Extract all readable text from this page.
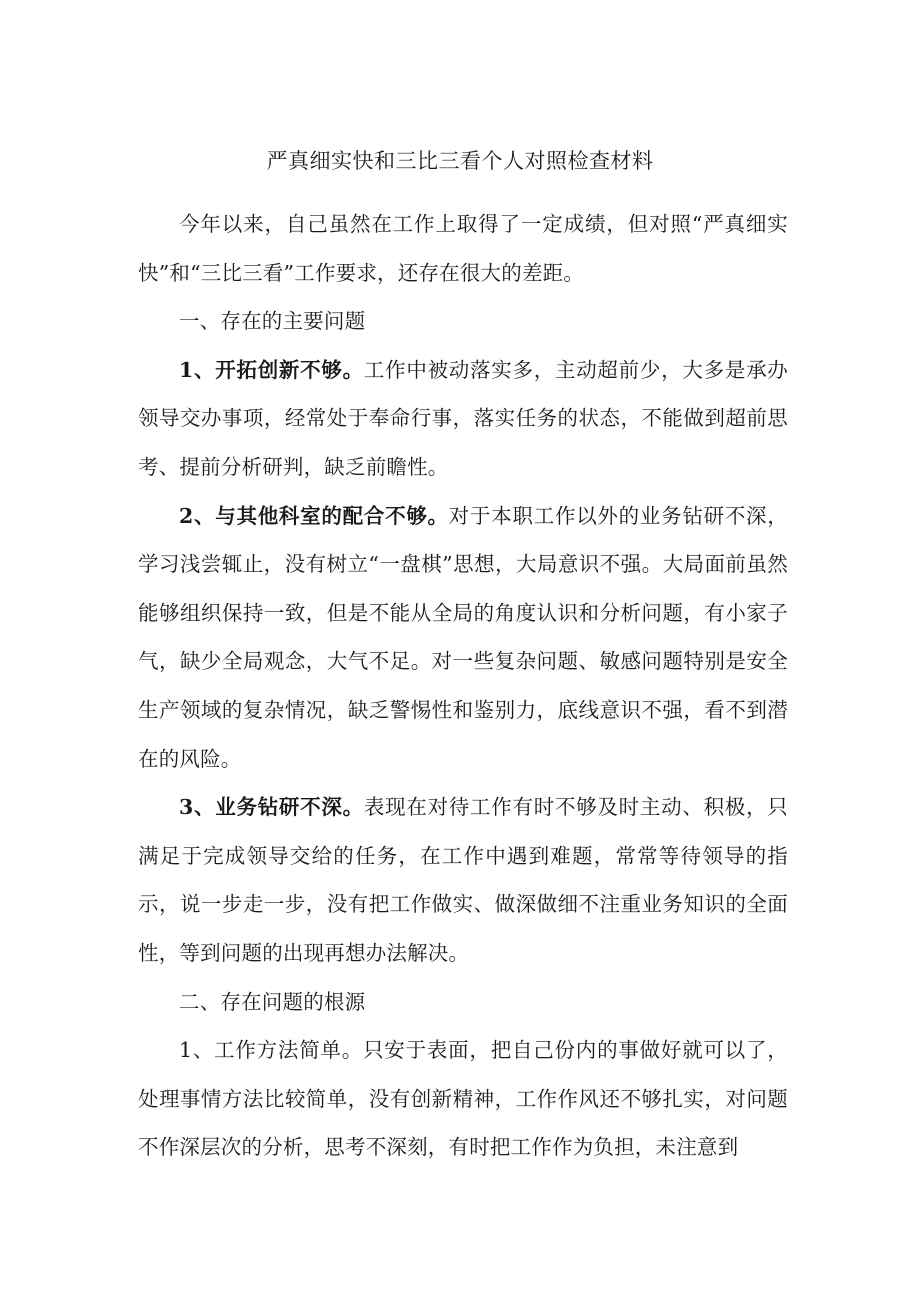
严真细实快和三比三看个人对照检查材料

今年以来，自己虽然在工作上取得了一定成绩，但对照“严真细实快”和“三比三看”工作要求，还存在很大的差距。

一、存在的主要问题

1、开拓创新不够。工作中被动落实多，主动超前少，大多是承办领导交办事项，经常处于奉命行事，落实任务的状态，不能做到超前思考、提前分析研判，缺乏前瞻性。

2、与其他科室的配合不够。对于本职工作以外的业务钻研不深，学习浅尝辄止，没有树立“一盘棋”思想，大局意识不强。大局面前虽然能够组织保持一致，但是不能从全局的角度认识和分析问题，有小家子气，缺少全局观念，大气不足。对一些复杂问题、敏感问题特别是安全生产领域的复杂情况，缺乏警惕性和鉴别力，底线意识不强，看不到潜在的风险。

3、业务钻研不深。表现在对待工作有时不够及时主动、积极，只满足于完成领导交给的任务，在工作中遇到难题，常常等待领导的指示，说一步走一步，没有把工作做实、做深做细不注重业务知识的全面性，等到问题的出现再想办法解决。

二、存在问题的根源

1、工作方法简单。只安于表面，把自己份内的事做好就可以了，处理事情方法比较简单，没有创新精神，工作作风还不够扎实，对问题不作深层次的分析，思考不深刻，有时把工作作为负担，未注意到
